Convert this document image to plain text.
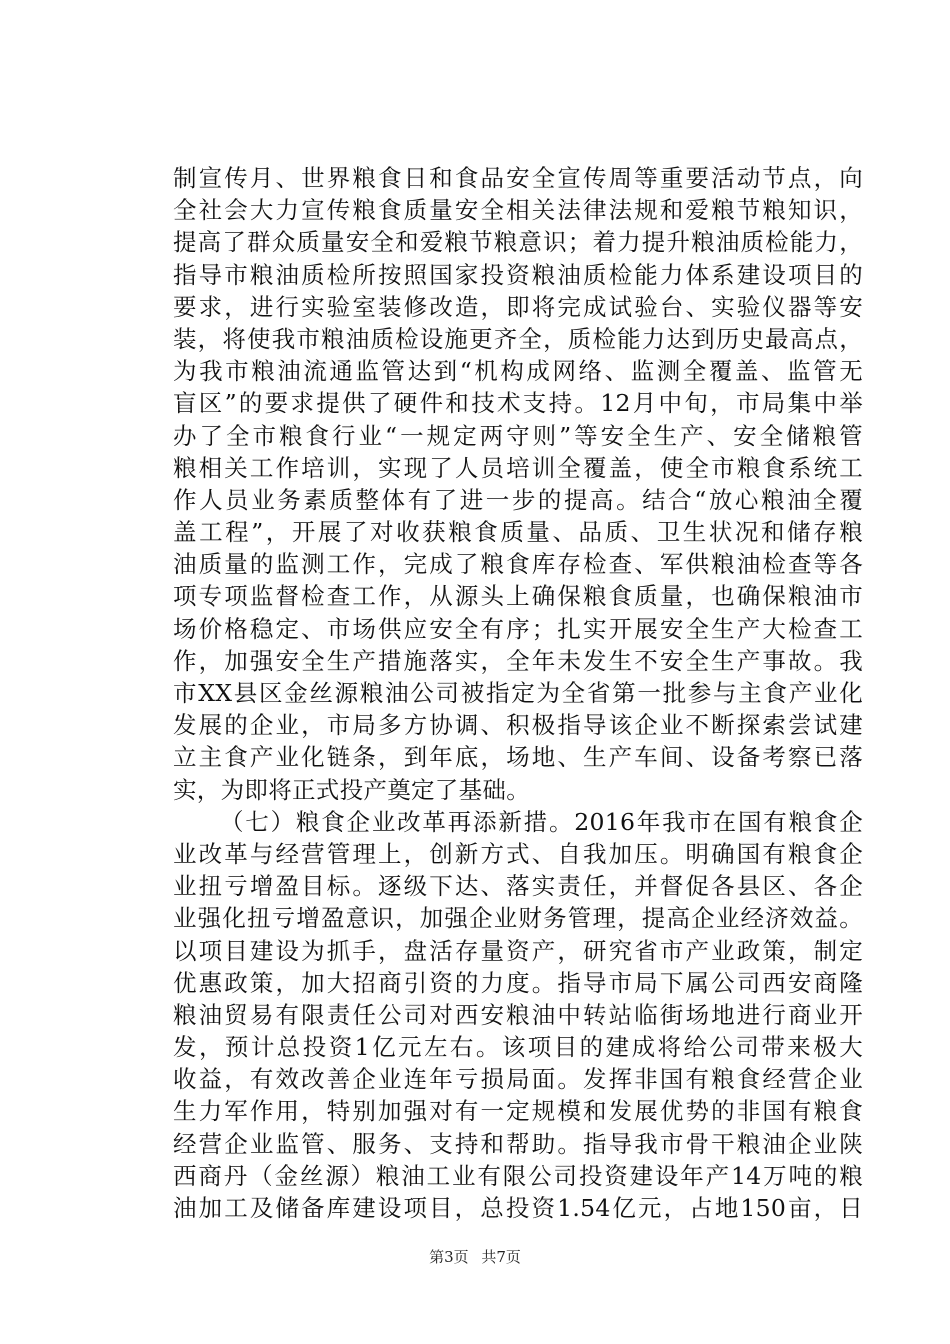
制宣传月、世界粮食日和食品安全宣传周等重要活动节点，向
全社会大力宣传粮食质量安全相关法律法规和爱粮节粮知识，
提高了群众质量安全和爱粮节粮意识；着力提升粮油质检能力，
指导市粮油质检所按照国家投资粮油质检能力体系建设项目的
要求，进行实验室装修改造，即将完成试验台、实验仪器等安
装，将使我市粮油质检设施更齐全，质检能力达到历史最高点，
为我市粮油流通监管达到“机构成网络、监测全覆盖、监管无
盲区”的要求提供了硬件和技术支持。12月中旬，市局集中举
办了全市粮食行业“一规定两守则”等安全生产、安全储粮管
粮相关工作培训，实现了人员培训全覆盖，使全市粮食系统工
作人员业务素质整体有了进一步的提高。结合“放心粮油全覆
盖工程”，开展了对收获粮食质量、品质、卫生状况和储存粮
油质量的监测工作，完成了粮食库存检查、军供粮油检查等各
项专项监督检查工作，从源头上确保粮食质量，也确保粮油市
场价格稳定、市场供应安全有序；扎实开展安全生产大检查工
作，加强安全生产措施落实，全年未发生不安全生产事故。我
市XX县区金丝源粮油公司被指定为全省第一批参与主食产业化
发展的企业，市局多方协调、积极指导该企业不断探索尝试建
立主食产业化链条，到年底，场地、生产车间、设备考察已落
实，为即将正式投产奠定了基础。
（七）粮食企业改革再添新措。2016年我市在国有粮食企
业改革与经营管理上，创新方式、自我加压。明确国有粮食企
业扭亏增盈目标。逐级下达、落实责任，并督促各县区、各企
业强化扭亏增盈意识，加强企业财务管理，提高企业经济效益。
以项目建设为抓手，盘活存量资产，研究省市产业政策，制定
优惠政策，加大招商引资的力度。指导市局下属公司西安商隆
粮油贸易有限责任公司对西安粮油中转站临街场地进行商业开
发，预计总投资1亿元左右。该项目的建成将给公司带来极大
收益，有效改善企业连年亏损局面。发挥非国有粮食经营企业
生力军作用，特别加强对有一定规模和发展优势的非国有粮食
经营企业监管、服务、支持和帮助。指导我市骨干粮油企业陕
西商丹（金丝源）粮油工业有限公司投资建设年产14万吨的粮
油加工及储备库建设项目，总投资1.54亿元，占地150亩，日
第3页 共7页
